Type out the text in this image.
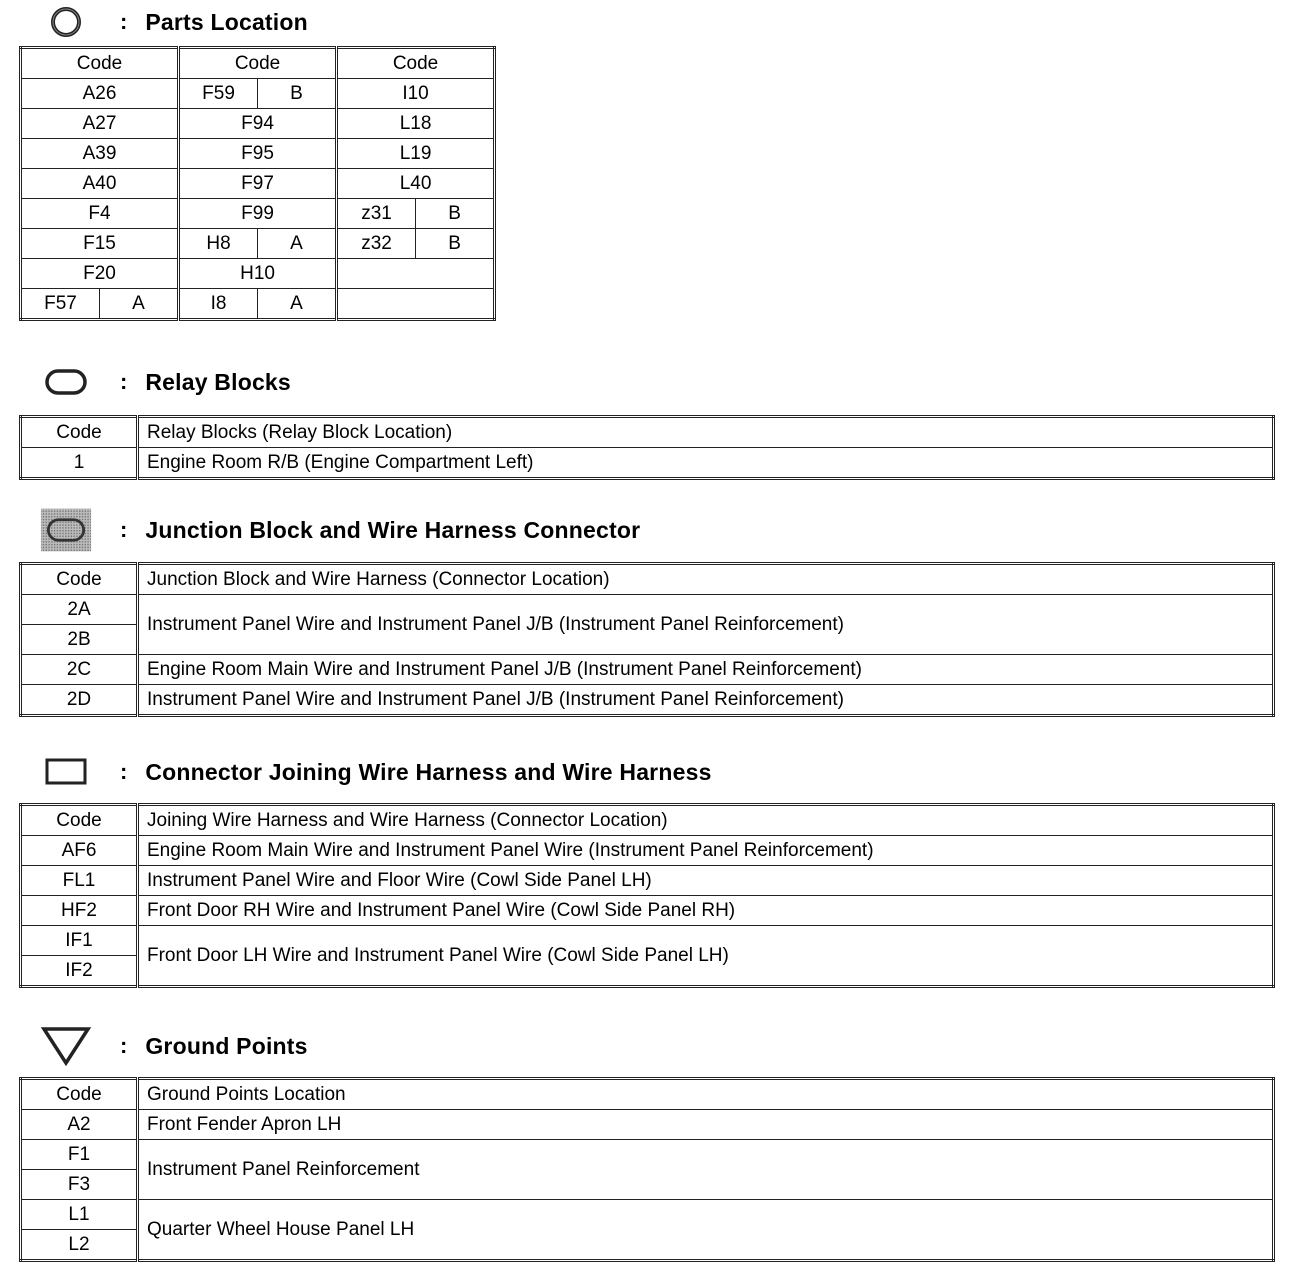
: Parts Location
Code		Code		Code	
A26		F59	B	I10	
A27		F94		L18	
A39		F95		L19	
A40		F97		L40	
F4		F99		z31	B
F15		H8	A	z32	B
F20		H10			
F57	A	I8	A		
: Relay Blocks
Code	Relay Blocks (Relay Block Location)
1	Engine Room R/B (Engine Compartment Left)
: Junction Block and Wire Harness Connector
Code	Junction Block and Wire Harness (Connector Location)
2A	Instrument Panel Wire and Instrument Panel J/B (Instrument Panel Reinforcement)
2B	
2C	Engine Room Main Wire and Instrument Panel J/B (Instrument Panel Reinforcement)
2D	Instrument Panel Wire and Instrument Panel J/B (Instrument Panel Reinforcement)
: Connector Joining Wire Harness and Wire Harness
Code	Joining Wire Harness and Wire Harness (Connector Location)
AF6	Engine Room Main Wire and Instrument Panel Wire (Instrument Panel Reinforcement)
FL1	Instrument Panel Wire and Floor Wire (Cowl Side Panel LH)
HF2	Front Door RH Wire and Instrument Panel Wire (Cowl Side Panel RH)
IF1	Front Door LH Wire and Instrument Panel Wire (Cowl Side Panel LH)
IF2	
: Ground Points
Code	Ground Points Location
A2	Front Fender Apron LH
F1	Instrument Panel Reinforcement
F3	
L1	Quarter Wheel House Panel LH
L2	
